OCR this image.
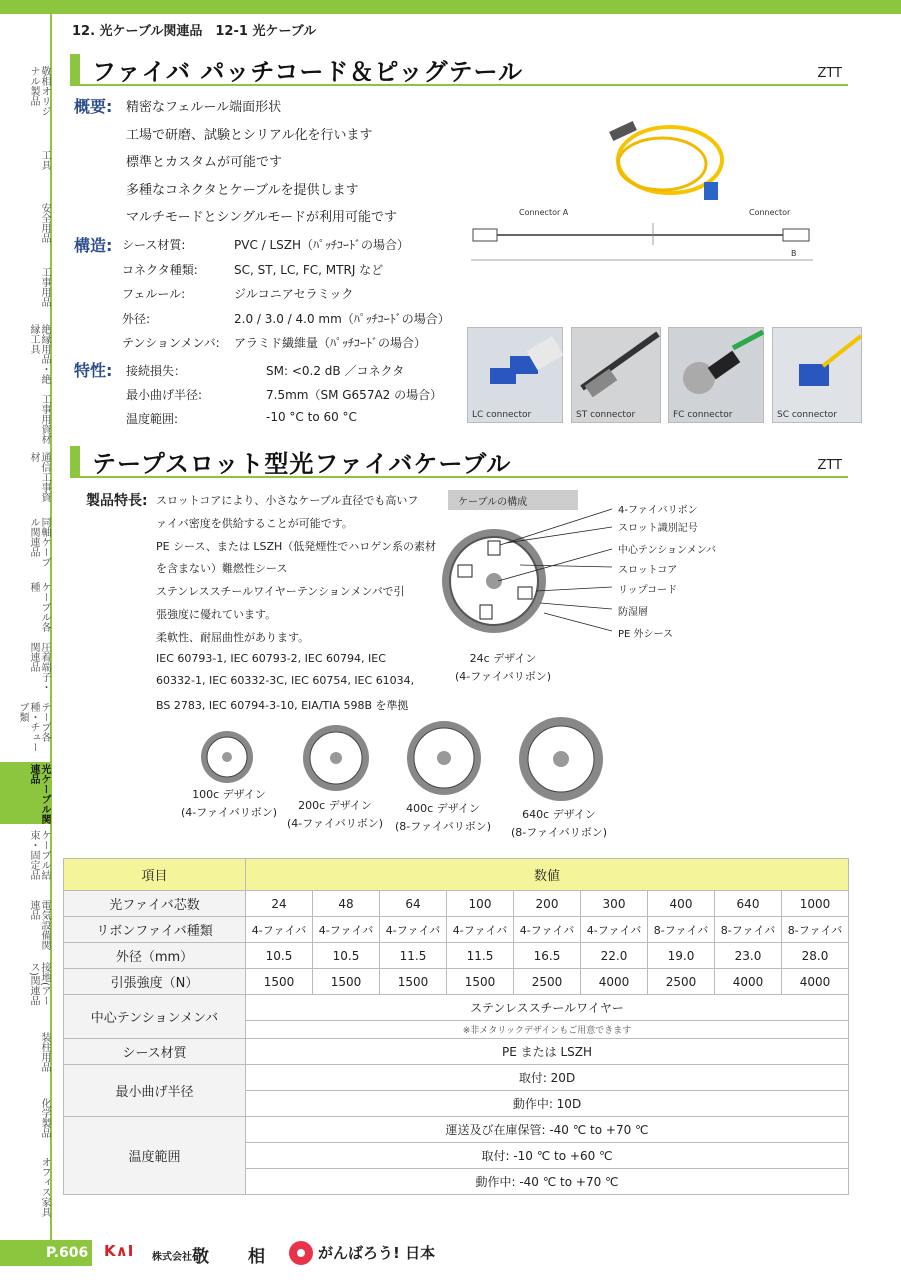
12. 光ケーブル関連品　12-1 光ケーブル
敬相オリジナル製品
工具
安全用品
工事用品
絶縁用品・絶縁工具
工事用資材
通信工事資材
同軸ケーブル関連品
ケーブル各種
圧着端子・関連品
テープ各種・チューブ類
光ケーブル関連品
ケーブル結束・固定品
電気設備関連品
接地(アース)関連品
装柱用品
化学製品
オフィス家具
ファイバ パッチコード＆ピッグテール	ZTT
概要: 精密なフェルール端面形状
工場で研磨、試験とシリアル化を行います
標準とカスタムが可能です
多種なコネクタとケーブルを提供します
マルチモードとシングルモードが利用可能です
構造: シース材質:	PVC / LSZH（ﾊﾟｯﾁｺｰﾄﾞの場合）
コネクタ種類:	SC, ST, LC, FC, MTRJ など
フェルール:	ジルコニアセラミック
外径:	2.0 / 3.0 / 4.0 mm（ﾊﾟｯﾁｺｰﾄﾞの場合）
テンションメンバ: アラミド繊維量（ﾊﾟｯﾁｺｰﾄﾞの場合）
特性: 接続損失：	SM: <0.2 dB ／コネクタ
最小曲げ半径:	7.5mm（SM G657A2 の場合）
温度範囲:	-10 °C to 60 °C
Connector A	Connector
B
LC connector	ST connector	FC connector	SC connector
テープスロット型光ファイバケーブル	ZTT
製品特長: スロットコアにより、小さなケーブル直径でも高いフ
ァイバ密度を供給することが可能です。
PE シース、または LSZH（低発煙性でハロゲン系の素材
を含まない）難燃性シース
ステンレススチールワイヤーテンションメンバで引
張強度に優れています。
柔軟性、耐屈曲性があります。
IEC 60793-1, IEC 60793-2, IEC 60794, IEC
60332-1, IEC 60332-3C, IEC 60754, IEC 61034,
BS 2783, IEC 60794-3-10, EIA/TIA 598B を準拠
ケーブルの構成
4-ファイバリボン
スロット識別記号
中心テンションメンバ
スロットコア
リップコード
防湿層
PE 外シース
24c デザイン
(4-ファイバリボン)
100c デザイン
(4-ファイバリボン)
200c デザイン
(4-ファイバリボン)
400c デザイン
(8-ファイバリボン)
640c デザイン
(8-ファイバリボン)
項目	数値								
光ファイバ芯数	24	48	64	100	200	300	400	640	1000
リボンファイバ種類	4-ファイバ	4-ファイバ	4-ファイバ	4-ファイバ	4-ファイバ	4-ファイバ	8-ファイバ	8-ファイバ	8-ファイバ
外径（mm）	10.5	10.5	11.5	11.5	16.5	22.0	19.0	23.0	28.0
引張強度（N）	1500	1500	1500	1500	2500	4000	2500	4000	4000
中心テンションメンバ	ステンレススチールワイヤー								
	※非メタリックデザインもご用意できます								
シース材質	PE または LSZH								
最小曲げ半径	取付: 20D								
	動作中: 10D								
温度範囲	運送及び在庫保管: -40 ℃ to +70 ℃								
	取付: -10 ℃ to +60 ℃								
	動作中: -40 ℃ to +70 ℃								
P.606 K∧I 株式会社 敬 相	がんばろう! 日本
